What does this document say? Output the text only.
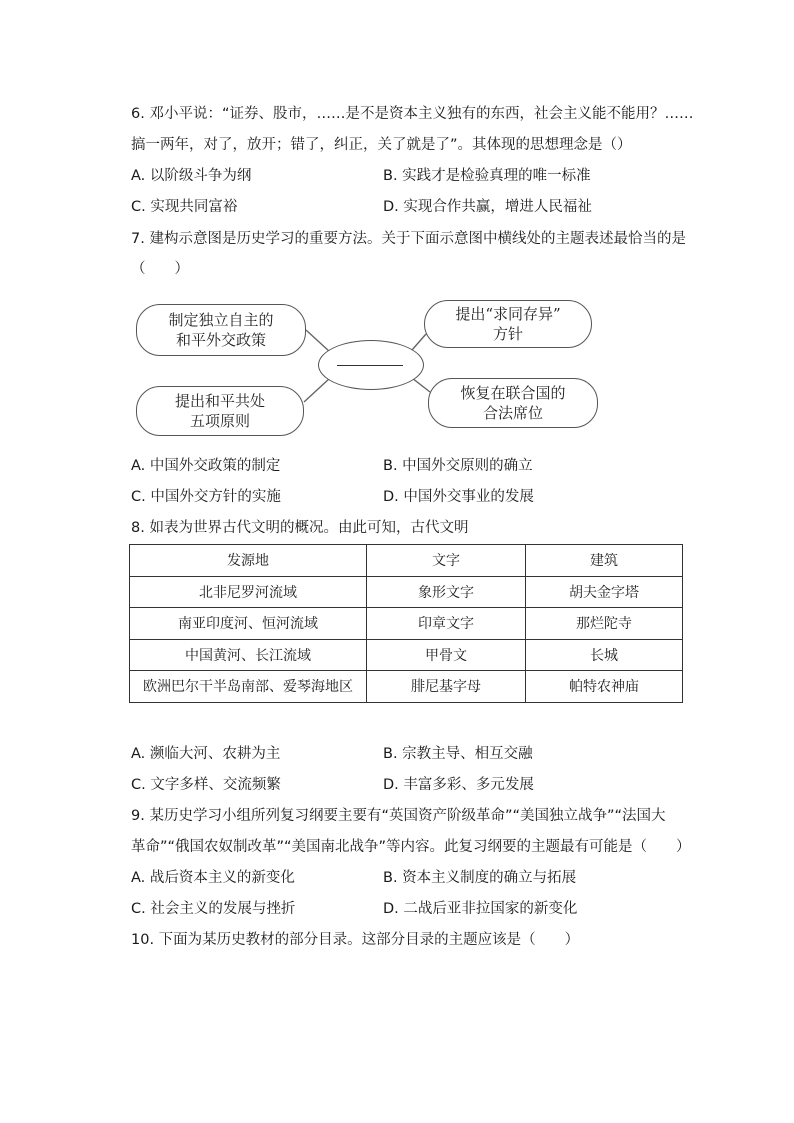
6. 邓小平说：“证券、股市，……是不是资本主义独有的东西，社会主义能不能用？……
搞一两年，对了，放开；错了，纠正，关了就是了”。其体现的思想理念是（）
A. 以阶级斗争为纲	B. 实践才是检验真理的唯一标准
C. 实现共同富裕	D. 实现合作共赢，增进人民福祉
7. 建构示意图是历史学习的重要方法。关于下面示意图中横线处的主题表述最恰当的是
（　　）
制定独立自主的
和平外交政策
提出和平共处
五项原则
提出“求同存异”
方针
恢复在联合国的
合法席位
A. 中国外交政策的制定	B. 中国外交原则的确立
C. 中国外交方针的实施	D. 中国外交事业的发展
8. 如表为世界古代文明的概况。由此可知，古代文明
发源地	文字	建筑
北非尼罗河流域	象形文字	胡夫金字塔
南亚印度河、恒河流域	印章文字	那烂陀寺
中国黄河、长江流域	甲骨文	长城
欧洲巴尔干半岛南部、爱琴海地区	腓尼基字母	帕特农神庙
A. 濒临大河、农耕为主	B. 宗教主导、相互交融
C. 文字多样、交流频繁	D. 丰富多彩、多元发展
9. 某历史学习小组所列复习纲要主要有“英国资产阶级革命”“美国独立战争”“法国大
革命”“俄国农奴制改革”“美国南北战争”等内容。此复习纲要的主题最有可能是（　　）
A. 战后资本主义的新变化	B. 资本主义制度的确立与拓展
C. 社会主义的发展与挫折	D. 二战后亚非拉国家的新变化
10. 下面为某历史教材的部分目录。这部分目录的主题应该是（　　）
